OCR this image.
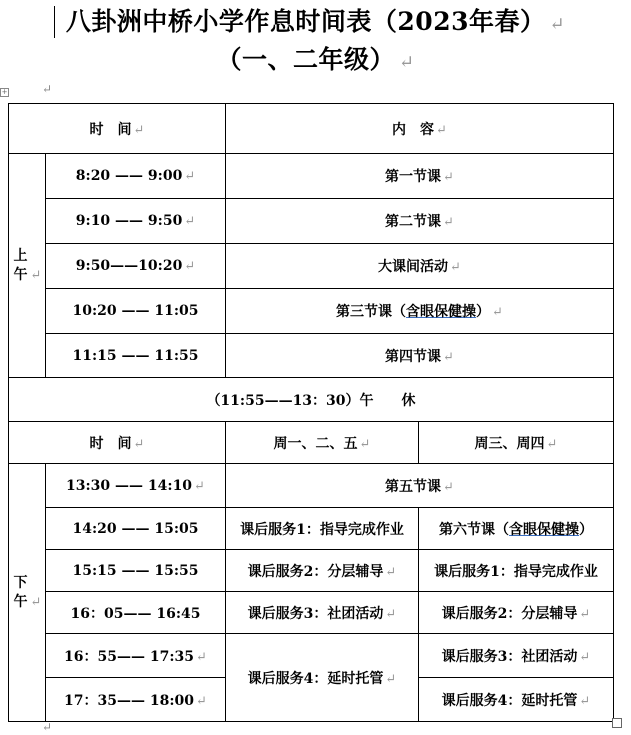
八卦洲中桥小学作息时间表（2023年春） ↵
（一、二年级） ↵
+	↵
↵
时　间 ↵		内　容 ↵	
上午 ↵	8:20 —— 9:00 ↵	第一节课 ↵	
	9:10 —— 9:50 ↵	第二节课 ↵	
	9:50——10:20 ↵	大课间活动 ↵	
	10:20 —— 11:05	第三节课（含眼保健操） ↵	
	11:15 —— 11:55	第四节课 ↵	
（11:55——13：30）午　　休			
时　间 ↵		周一、二、五 ↵	周三、周四 ↵
下午 ↵	13:30 —— 14:10 ↵	第五节课 ↵	
	14:20 —— 15:05	课后服务1：指导完成作业	第六节课（含眼保健操）
	15:15 —— 15:55	课后服务2：分层辅导 ↵	课后服务1：指导完成作业
	16：05—— 16:45	课后服务3：社团活动 ↵	课后服务2：分层辅导 ↵
	16：55—— 17:35 ↵	课后服务4：延时托管 ↵	课后服务3：社团活动 ↵
	17：35—— 18:00 ↵		课后服务4：延时托管 ↵
